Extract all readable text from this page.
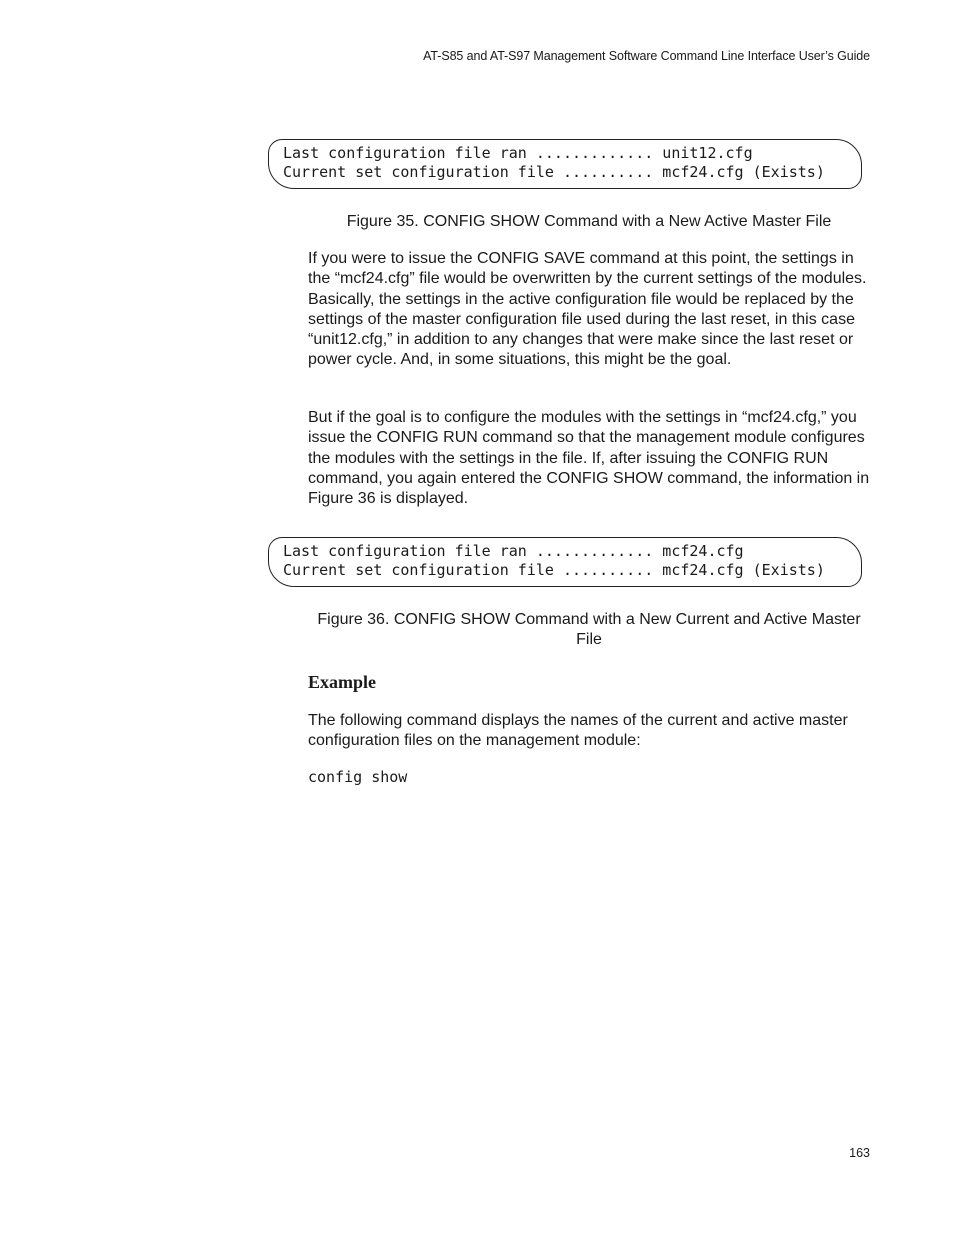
AT-S85 and AT-S97 Management Software Command Line Interface User’s Guide
Last configuration file ran ............. unit12.cfg
Current set configuration file .......... mcf24.cfg (Exists)
Figure 35. CONFIG SHOW Command with a New Active Master File

If you were to issue the CONFIG SAVE command at this point, the settings in the “mcf24.cfg” file would be overwritten by the current settings of the modules. Basically, the settings in the active configuration file would be replaced by the settings of the master configuration file used during the last reset, in this case “unit12.cfg,” in addition to any changes that were make since the last reset or power cycle. And, in some situations, this might be the goal.

But if the goal is to configure the modules with the settings in “mcf24.cfg,” you issue the CONFIG RUN command so that the management module configures the modules with the settings in the file. If, after issuing the CONFIG RUN command, you again entered the CONFIG SHOW command, the information in Figure 36 is displayed.

Last configuration file ran ............. mcf24.cfg
Current set configuration file .......... mcf24.cfg (Exists)
Figure 36. CONFIG SHOW Command with a New Current and Active Master File
Example

The following command displays the names of the current and active master configuration files on the management module:

config show
163
